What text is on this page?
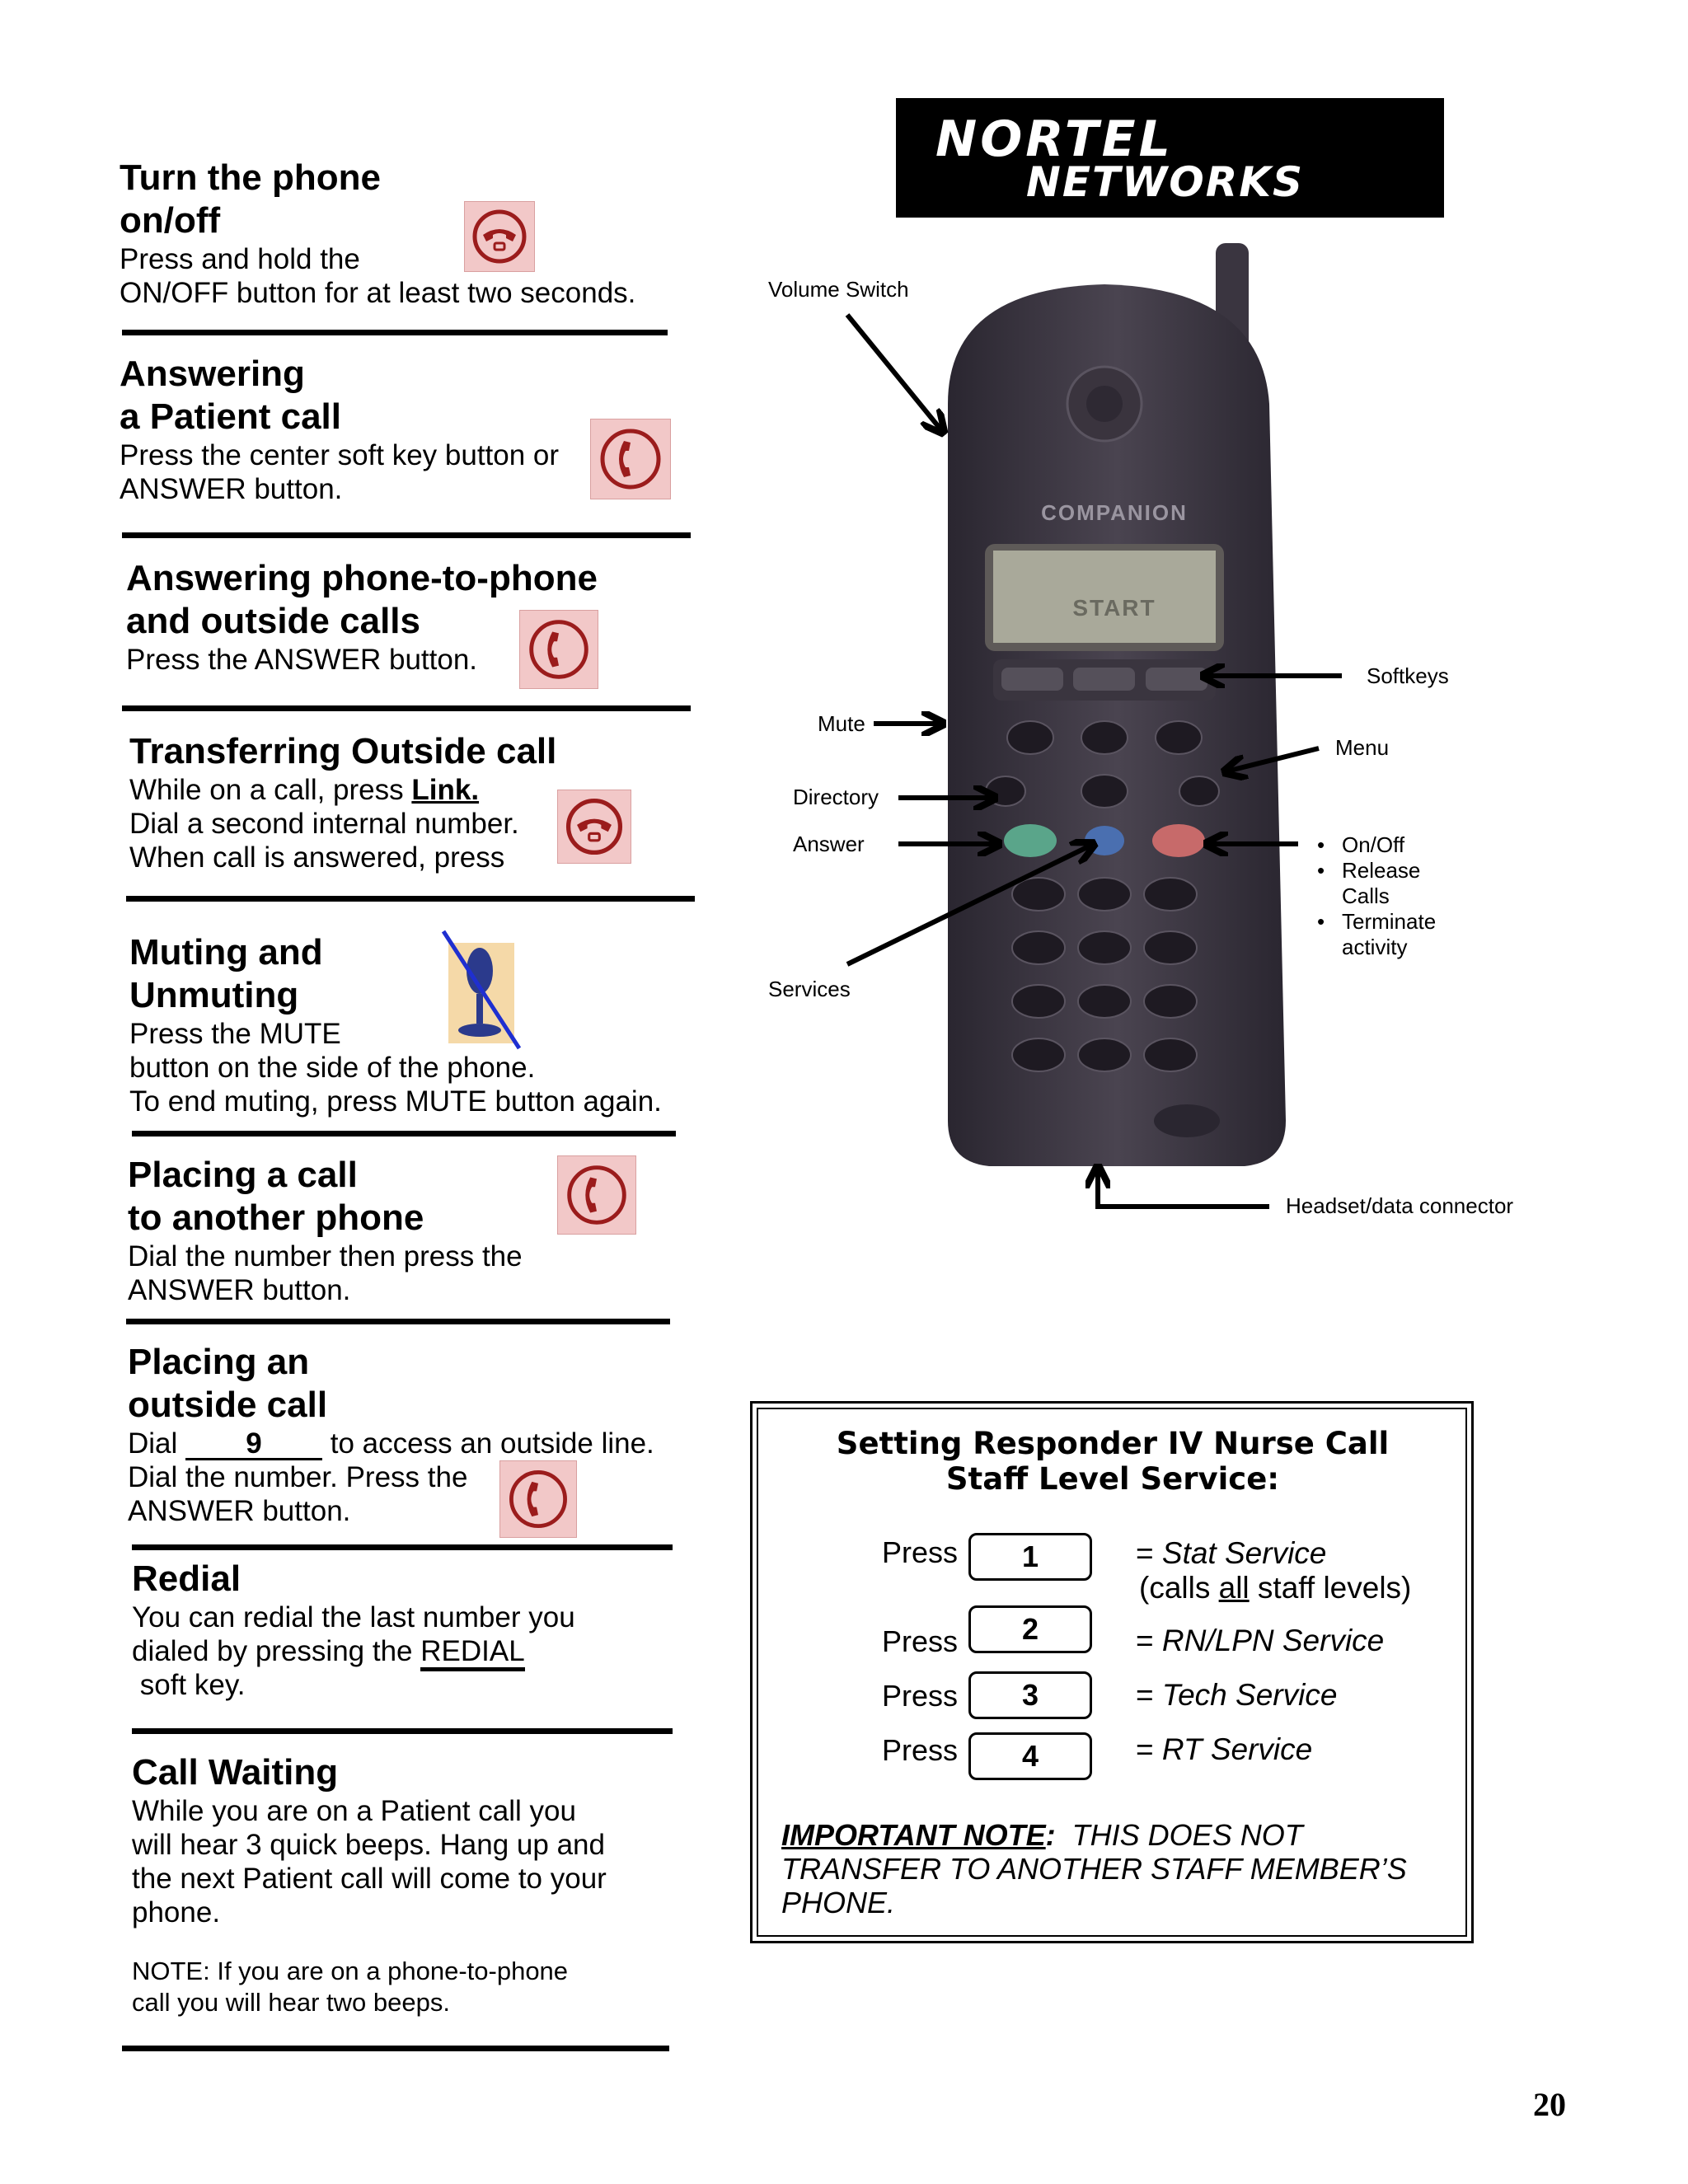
Turn the phone

on/off

Press and hold the

ON/OFF button for at least two seconds.

Answering

a Patient call

Press the center soft key button or

ANSWER button.

Answering phone-to-phone

and outside calls

Press the ANSWER button.

Transferring Outside call

While on a call, press Link.

Dial a second internal number.

When call is answered, press

Muting and

Unmuting

Press the MUTE

button on the side of the phone.

To end muting, press MUTE button again.

Placing a call

to another phone

Dial the number then press the

ANSWER button.

Placing an

outside call

Dial 9 to access an outside line.

Dial the number. Press the

ANSWER button.

Redial

You can redial the last number you

dialed by pressing the REDIAL

soft key.

Call Waiting

While you are on a Patient call you

will hear 3 quick beeps. Hang up and

the next Patient call will come to your

phone.

NOTE: If you are on a phone-to-phone

call you will hear two beeps.

NORTEL
NETWORKS
COMPANION
START
Volume Switch
Softkeys
Mute
Menu
Directory
Answer
Services
Headset/data connector
• On/Off
• Release
Calls
• Terminate
activity
Setting Responder IV Nurse Call
Staff Level Service:
Press	1	= Stat Service
(calls all staff levels)
Press	2	= RN/LPN Service
Press	3	= Tech Service
Press	4	= RT Service
IMPORTANT NOTE:  THIS DOES NOT
TRANSFER TO ANOTHER STAFF MEMBER’S
PHONE.
20
